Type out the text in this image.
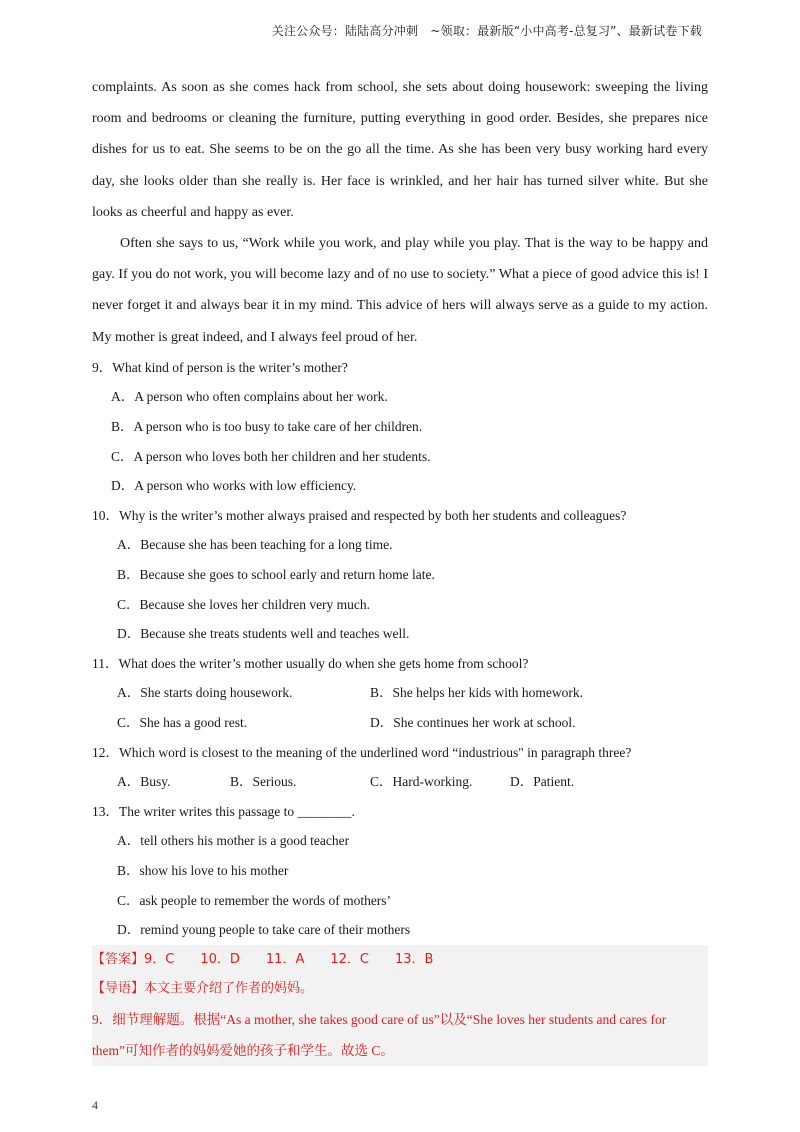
关注公众号：陆陆高分冲刺　~领取：最新版“小中高考-总复习”、最新试卷下载

complaints. As soon as she comes hack from school, she sets about doing housework: sweeping the living room and bedrooms or cleaning the furniture, putting everything in good order. Besides, she prepares nice dishes for us to eat. She seems to be on the go all the time. As she has been very busy working hard every day, she looks older than she really is. Her face is wrinkled, and her hair has turned silver white. But she looks as cheerful and happy as ever.

Often she says to us, “Work while you work, and play while you play. That is the way to be happy and gay. If you do not work, you will become lazy and of no use to society.” What a piece of good advice this is! I never forget it and always bear it in my mind. This advice of hers will always serve as a guide to my action. My mother is great indeed, and I always feel proud of her.

9．What kind of person is the writer’s mother?

A．A person who often complains about her work.

B．A person who is too busy to take care of her children.

C．A person who loves both her children and her students.

D．A person who works with low efficiency.

10．Why is the writer’s mother always praised and respected by both her students and colleagues?

A．Because she has been teaching for a long time.

B．Because she goes to school early and return home late.

C．Because she loves her children very much.

D．Because she treats students well and teaches well.

11．What does the writer’s mother usually do when she gets home from school?

A．She starts doing housework.	B．She helps her kids with homework.
C．She has a good rest.	D．She continues her work at school.

12．Which word is closest to the meaning of the underlined word “industrious" in paragraph three?

A．Busy.	B．Serious.	C．Hard-working.	D．Patient.

13．The writer writes this passage to ________.

A．tell others his mother is a good teacher

B．show his love to his mother

C．ask people to remember the words of mothers’

D．remind young people to take care of their mothers

【答案】9．C　　10．D　　11．A　　12．C　　13．B

【导语】本文主要介绍了作者的妈妈。

9．细节理解题。根据“As a mother, she takes good care of us”以及“She loves her students and cares for them”可知作者的妈妈爱她的孩子和学生。故选 C。

4
